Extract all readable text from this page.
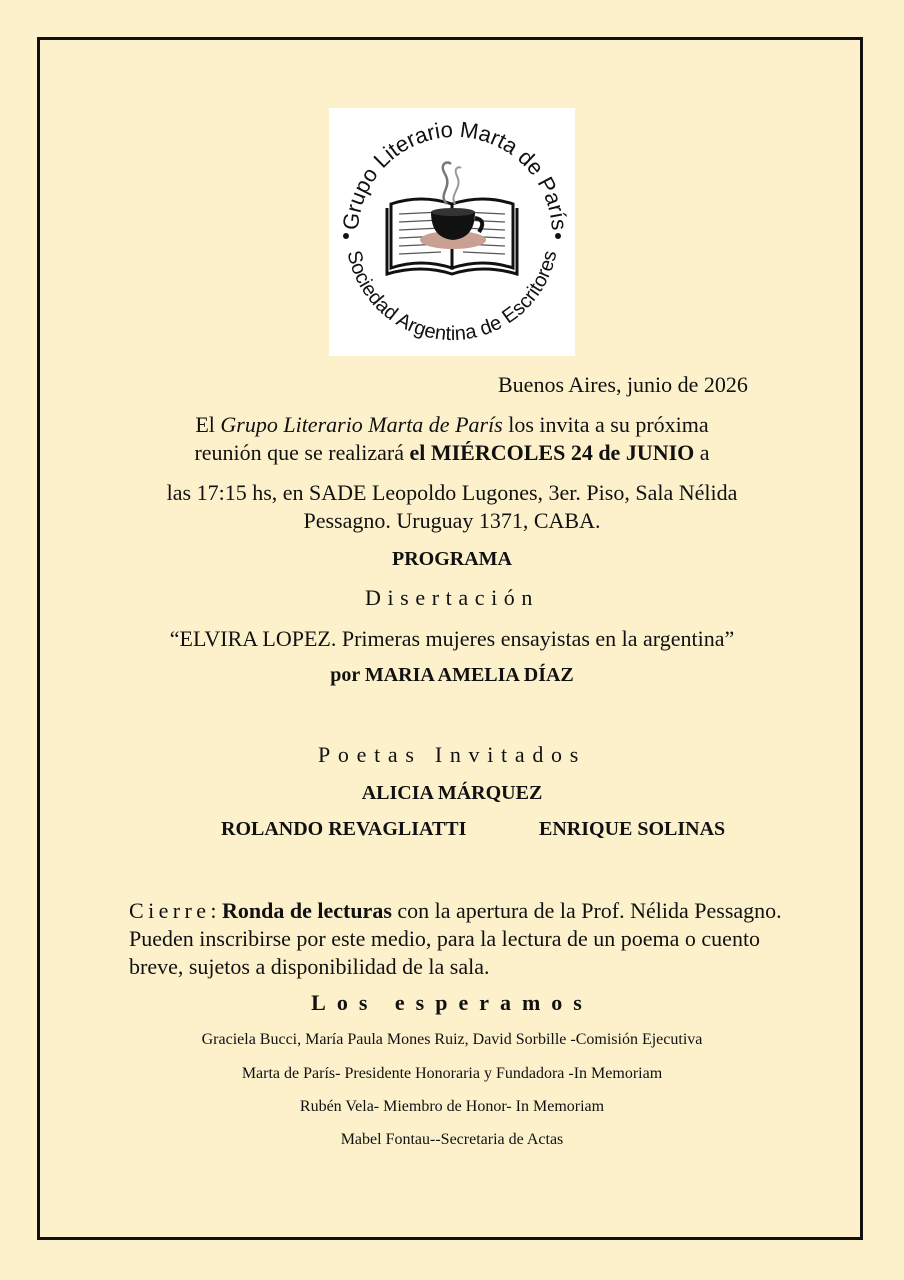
Grupo Literario Marta de París
Sociedad Argentina de Escritores
Buenos Aires, junio de 2026
El Grupo Literario Marta de París los invita a su próxima
reunión que se realizará el MIÉRCOLES 24 de JUNIO a
las 17:15 hs, en SADE Leopoldo Lugones, 3er. Piso, Sala Nélida
Pessagno. Uruguay 1371, CABA.
PROGRAMA
Disertación
“ELVIRA LOPEZ. Primeras mujeres ensayistas en la argentina”
por MARIA AMELIA DÍAZ
Poetas Invitados
ALICIA MÁRQUEZ
ROLANDO REVAGLIATTI	ENRIQUE SOLINAS
Cierre: Ronda de lecturas con la apertura de la Prof. Nélida Pessagno. Pueden inscribirse por este medio, para la lectura de un poema o cuento breve, sujetos a disponibilidad de la sala.
Los esperamos
Graciela Bucci, María Paula Mones Ruiz, David Sorbille -Comisión Ejecutiva
Marta de París- Presidente Honoraria y Fundadora -In Memoriam
Rubén Vela- Miembro de Honor- In Memoriam
Mabel Fontau--Secretaria de Actas
